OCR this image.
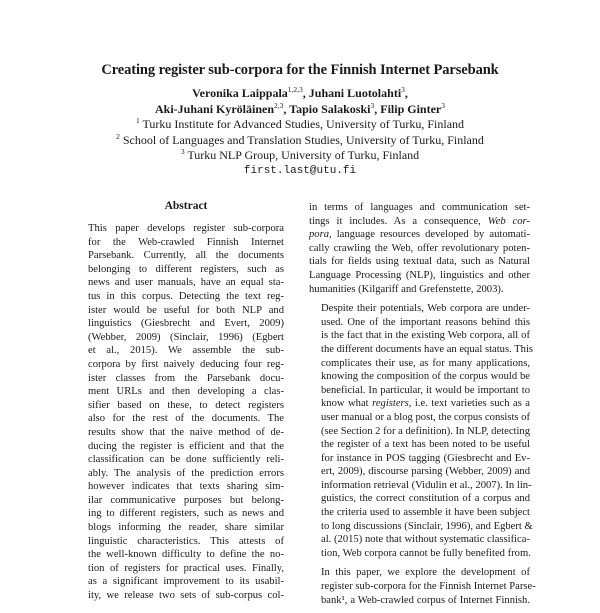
Creating register sub-corpora for the Finnish Internet Parsebank
Veronika Laippala$^{1,2,3}$, Juhani Luotolahti$^3$,
Aki-Juhani Kyröläinen$^{2,3}$, Tapio Salakoski$^3$, Filip Ginter$^3$
$^1$ Turku Institute for Advanced Studies, University of Turku, Finland
$^2$ School of Languages and Translation Studies, University of Turku, Finland
$^3$ Turku NLP Group, University of Turku, Finland
first.last@utu.fi
Abstract
This paper develops register sub-corpora
for the Web-crawled Finnish Internet
Parsebank. Currently, all the documents
belonging to different registers, such as
news and user manuals, have an equal sta-
tus in this corpus. Detecting the text reg-
ister would be useful for both NLP and
linguistics (Giesbrecht and Evert, 2009)
(Webber, 2009) (Sinclair, 1996) (Egbert
et al., 2015). We assemble the sub-
corpora by first naively deducing four reg-
ister classes from the Parsebank docu-
ment URLs and then developing a clas-
sifier based on these, to detect registers
also for the rest of the documents. The
results show that the naive method of de-
ducing the register is efficient and that the
classification can be done sufficiently reli-
ably. The analysis of the prediction errors
however indicates that texts sharing sim-
ilar communicative purposes but belong-
ing to different registers, such as news and
blogs informing the reader, share similar
linguistic characteristics. This attests of
the well-known difficulty to define the no-
tion of registers for practical uses. Finally,
as a significant improvement to its usabil-
ity, we release two sets of sub-corpus col-

in terms of languages and communication set-
tings it includes. As a consequence, Web cor-
pora, language resources developed by automati-
cally crawling the Web, offer revolutionary poten-
tials for fields using textual data, such as Natural
Language Processing (NLP), linguistics and other
humanities (Kilgariff and Grefenstette, 2003).

Despite their potentials, Web corpora are under-
used. One of the important reasons behind this
is the fact that in the existing Web corpora, all of
the different documents have an equal status. This
complicates their use, as for many applications,
knowing the composition of the corpus would be
beneficial. In particular, it would be important to
know what registers, i.e. text varieties such as a
user manual or a blog post, the corpus consists of
(see Section 2 for a definition). In NLP, detecting
the register of a text has been noted to be useful
for instance in POS tagging (Giesbrecht and Ev-
ert, 2009), discourse parsing (Webber, 2009) and
information retrieval (Vidulin et al., 2007). In lin-
guistics, the correct constitution of a corpus and
the criteria used to assemble it have been subject
to long discussions (Sinclair, 1996), and Egbert &
al. (2015) note that without systematic classifica-
tion, Web corpora cannot be fully benefited from.

In this paper, we explore the development of
register sub-corpora for the Finnish Internet Parse-
bank¹, a Web-crawled corpus of Internet Finnish.
